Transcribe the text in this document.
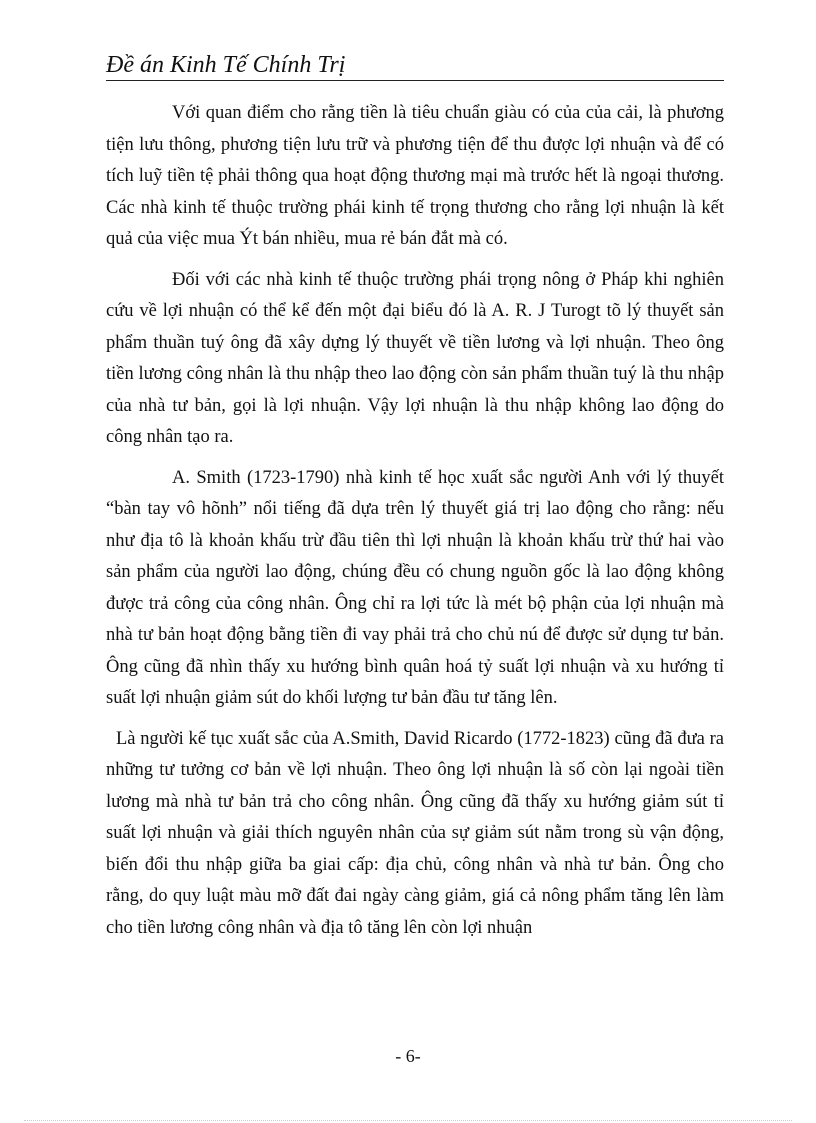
Đề án Kinh Tế Chính Trị

Với quan điểm cho rằng tiền là tiêu chuẩn giàu có của của cải, là phương tiện lưu thông, phương tiện lưu trữ và phương tiện để thu được lợi nhuận và để có tích luỹ tiền tệ phải thông qua hoạt động thương mại mà trước hết là ngoại thương. Các nhà kinh tế thuộc trường phái kinh tế trọng thương cho rằng lợi nhuận là kết quả của việc mua Ýt bán nhiều, mua rẻ bán đắt mà có.

Đối với các nhà kinh tế thuộc trường phái trọng nông ở Pháp khi nghiên cứu về lợi nhuận có thể kể đến một đại biểu đó là A. R. J Turogt tõ lý thuyết sản phẩm thuần tuý ông đã xây dựng lý thuyết về tiền lương và lợi nhuận. Theo ông tiền lương công nhân là thu nhập theo lao động còn sản phẩm thuần tuý là thu nhập của nhà tư bản, gọi là lợi nhuận. Vậy lợi nhuận là thu nhập không lao động do công nhân tạo ra.

A. Smith (1723-1790) nhà kinh tế học xuất sắc người Anh với lý thuyết “bàn tay vô hõnh” nổi tiếng đã dựa trên lý thuyết giá trị lao động cho rằng: nếu như địa tô là khoản khấu trừ đầu tiên thì lợi nhuận là khoản khấu trừ thứ hai vào sản phẩm của người lao động, chúng đều có chung nguồn gốc là lao động không được trả công của công nhân. Ông chỉ ra lợi tức là mét bộ phận của lợi nhuận mà nhà tư bản hoạt động bằng tiền đi vay phải trả cho chủ nú để được sử dụng tư bản. Ông cũng đã nhìn thấy xu hướng bình quân hoá tỷ suất lợi nhuận và xu hướng tỉ suất lợi nhuận giảm sút do khối lượng tư bản đầu tư tăng lên.

Là người kế tục xuất sắc của A.Smith, David Ricardo (1772-1823) cũng đã đưa ra những tư tưởng cơ bản về lợi nhuận. Theo ông lợi nhuận là số còn lại ngoài tiền lương mà nhà tư bản trả cho công nhân. Ông cũng đã thấy xu hướng giảm sút tỉ suất lợi nhuận và giải thích nguyên nhân của sự giảm sút nằm trong sù vận động, biến đổi thu nhập giữa ba giai cấp: địa chủ, công nhân và nhà tư bản. Ông cho rằng, do quy luật màu mỡ đất đai ngày càng giảm, giá cả nông phẩm tăng lên làm cho tiền lương công nhân và địa tô tăng lên còn lợi nhuận

- 6-
